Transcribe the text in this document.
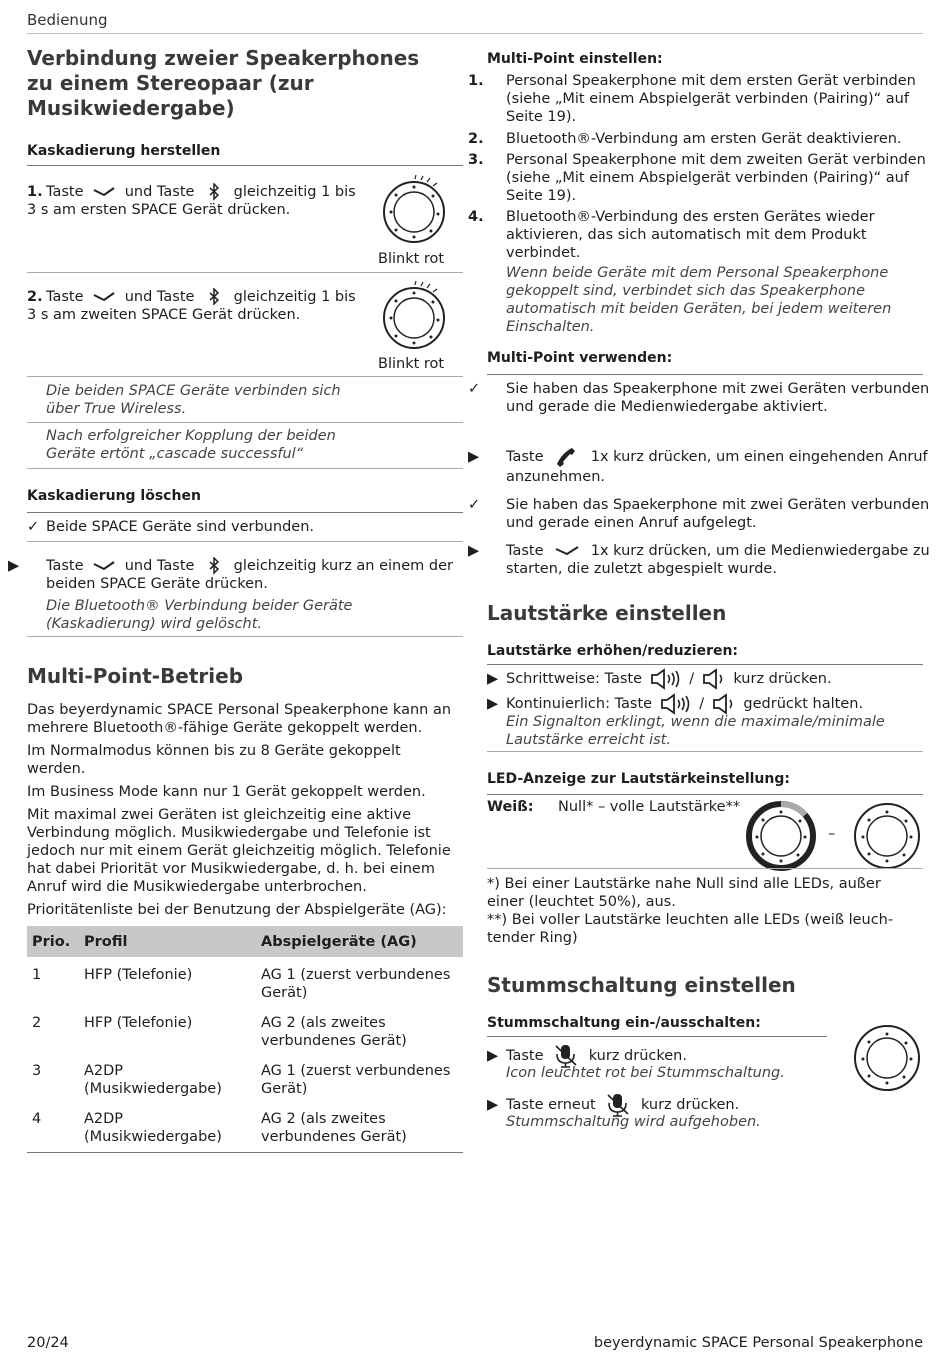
Bedienung
Verbindung zweier Speakerphones zu einem Stereopaar (zur Musikwiedergabe)
Kaskadierung herstellen
1. Taste	und Taste	gleichzeitig 1 bis 3 s am ersten SPACE Gerät drücken.
Blinkt rot
2. Taste	und Taste	gleichzeitig 1 bis 3 s am zweiten SPACE Gerät drücken.
Blinkt rot

Die beiden SPACE Geräte verbinden sich über True Wireless.

Nach erfolgreicher Kopplung der beiden Geräte ertönt „cascade successful“

Kaskadierung löschen
✓ Beide SPACE Geräte sind verbunden.
▶ Taste	und Taste	gleichzeitig kurz an einem der beiden SPACE Geräte drücken.

Die Bluetooth® Verbindung beider Geräte (Kaskadierung) wird gelöscht.

Multi-Point-Betrieb

Das beyerdynamic SPACE Personal Speakerphone kann an mehrere Bluetooth®-fähige Geräte gekoppelt werden.

Im Normalmodus können bis zu 8 Geräte gekoppelt werden.

Im Business Mode kann nur 1 Gerät gekoppelt werden.

Mit maximal zwei Geräten ist gleichzeitig eine aktive Verbindung möglich. Musikwiedergabe und Telefonie ist jedoch nur mit einem Gerät gleichzeitig möglich. Telefonie hat dabei Priorität vor Musikwiedergabe, d. h. bei einem Anruf wird die Musikwiedergabe unterbrochen.

Prioritätenliste bei der Benutzung der Abspielgeräte (AG):

Prio.	Profil	Abspielgeräte (AG)
1	HFP (Telefonie)	AG 1 (zuerst verbundenes Gerät)
2	HFP (Telefonie)	AG 2 (als zweites verbundenes Gerät)
3	A2DP (Musikwiedergabe)	AG 1 (zuerst verbundenes Gerät)
4	A2DP (Musikwiedergabe)	AG 2 (als zweites verbundenes Gerät)
Multi-Point einstellen:
1. Personal Speakerphone mit dem ersten Gerät verbinden (siehe „Mit einem Abspielgerät verbinden (Pairing)“ auf Seite 19).
2. Bluetooth®-Verbindung am ersten Gerät deaktivieren.
3. Personal Speakerphone mit dem zweiten Gerät verbinden (siehe „Mit einem Abspielgerät verbinden (Pairing)“ auf Seite 19).
4. Bluetooth®-Verbindung des ersten Gerätes wieder aktivieren, das sich automatisch mit dem Produkt verbindet.

Wenn beide Geräte mit dem Personal Speakerphone gekoppelt sind, verbindet sich das Speakerphone automatisch mit beiden Geräten, bei jedem weiteren Einschalten.

Multi-Point verwenden:
✓ Sie haben das Speakerphone mit zwei Geräten verbunden und gerade die Medienwiedergabe aktiviert.
▶ Taste	1x kurz drücken, um einen eingehenden Anruf anzunehmen.
✓ Sie haben das Spaekerphone mit zwei Geräten verbunden und gerade einen Anruf aufgelegt.
▶ Taste	1x kurz drücken, um die Medienwiedergabe zu starten, die zuletzt abgespielt wurde.
Lautstärke einstellen
Lautstärke erhöhen/reduzieren:
▶ Schrittweise: Taste	/	kurz drücken.
▶ Kontinuierlich: Taste	/	gedrückt halten.

Ein Signalton erklingt, wenn die maximale/minimale Lautstärke erreicht ist.

LED-Anzeige zur Lautstärkeinstellung:
Weiß: Null* – volle Lautstärke**
–

*) Bei einer Lautstärke nahe Null sind alle LEDs, außer einer (leuchtet 50%), aus.

**) Bei voller Lautstärke leuchten alle LEDs (weiß leuch-tender Ring)

Stummschaltung einstellen
Stummschaltung ein-/ausschalten:
▶ Taste	kurz drücken.

Icon leuchtet rot bei Stummschaltung.

▶ Taste erneut	kurz drücken.

Stummschaltung wird aufgehoben.

20/24	beyerdynamic SPACE Personal Speakerphone
